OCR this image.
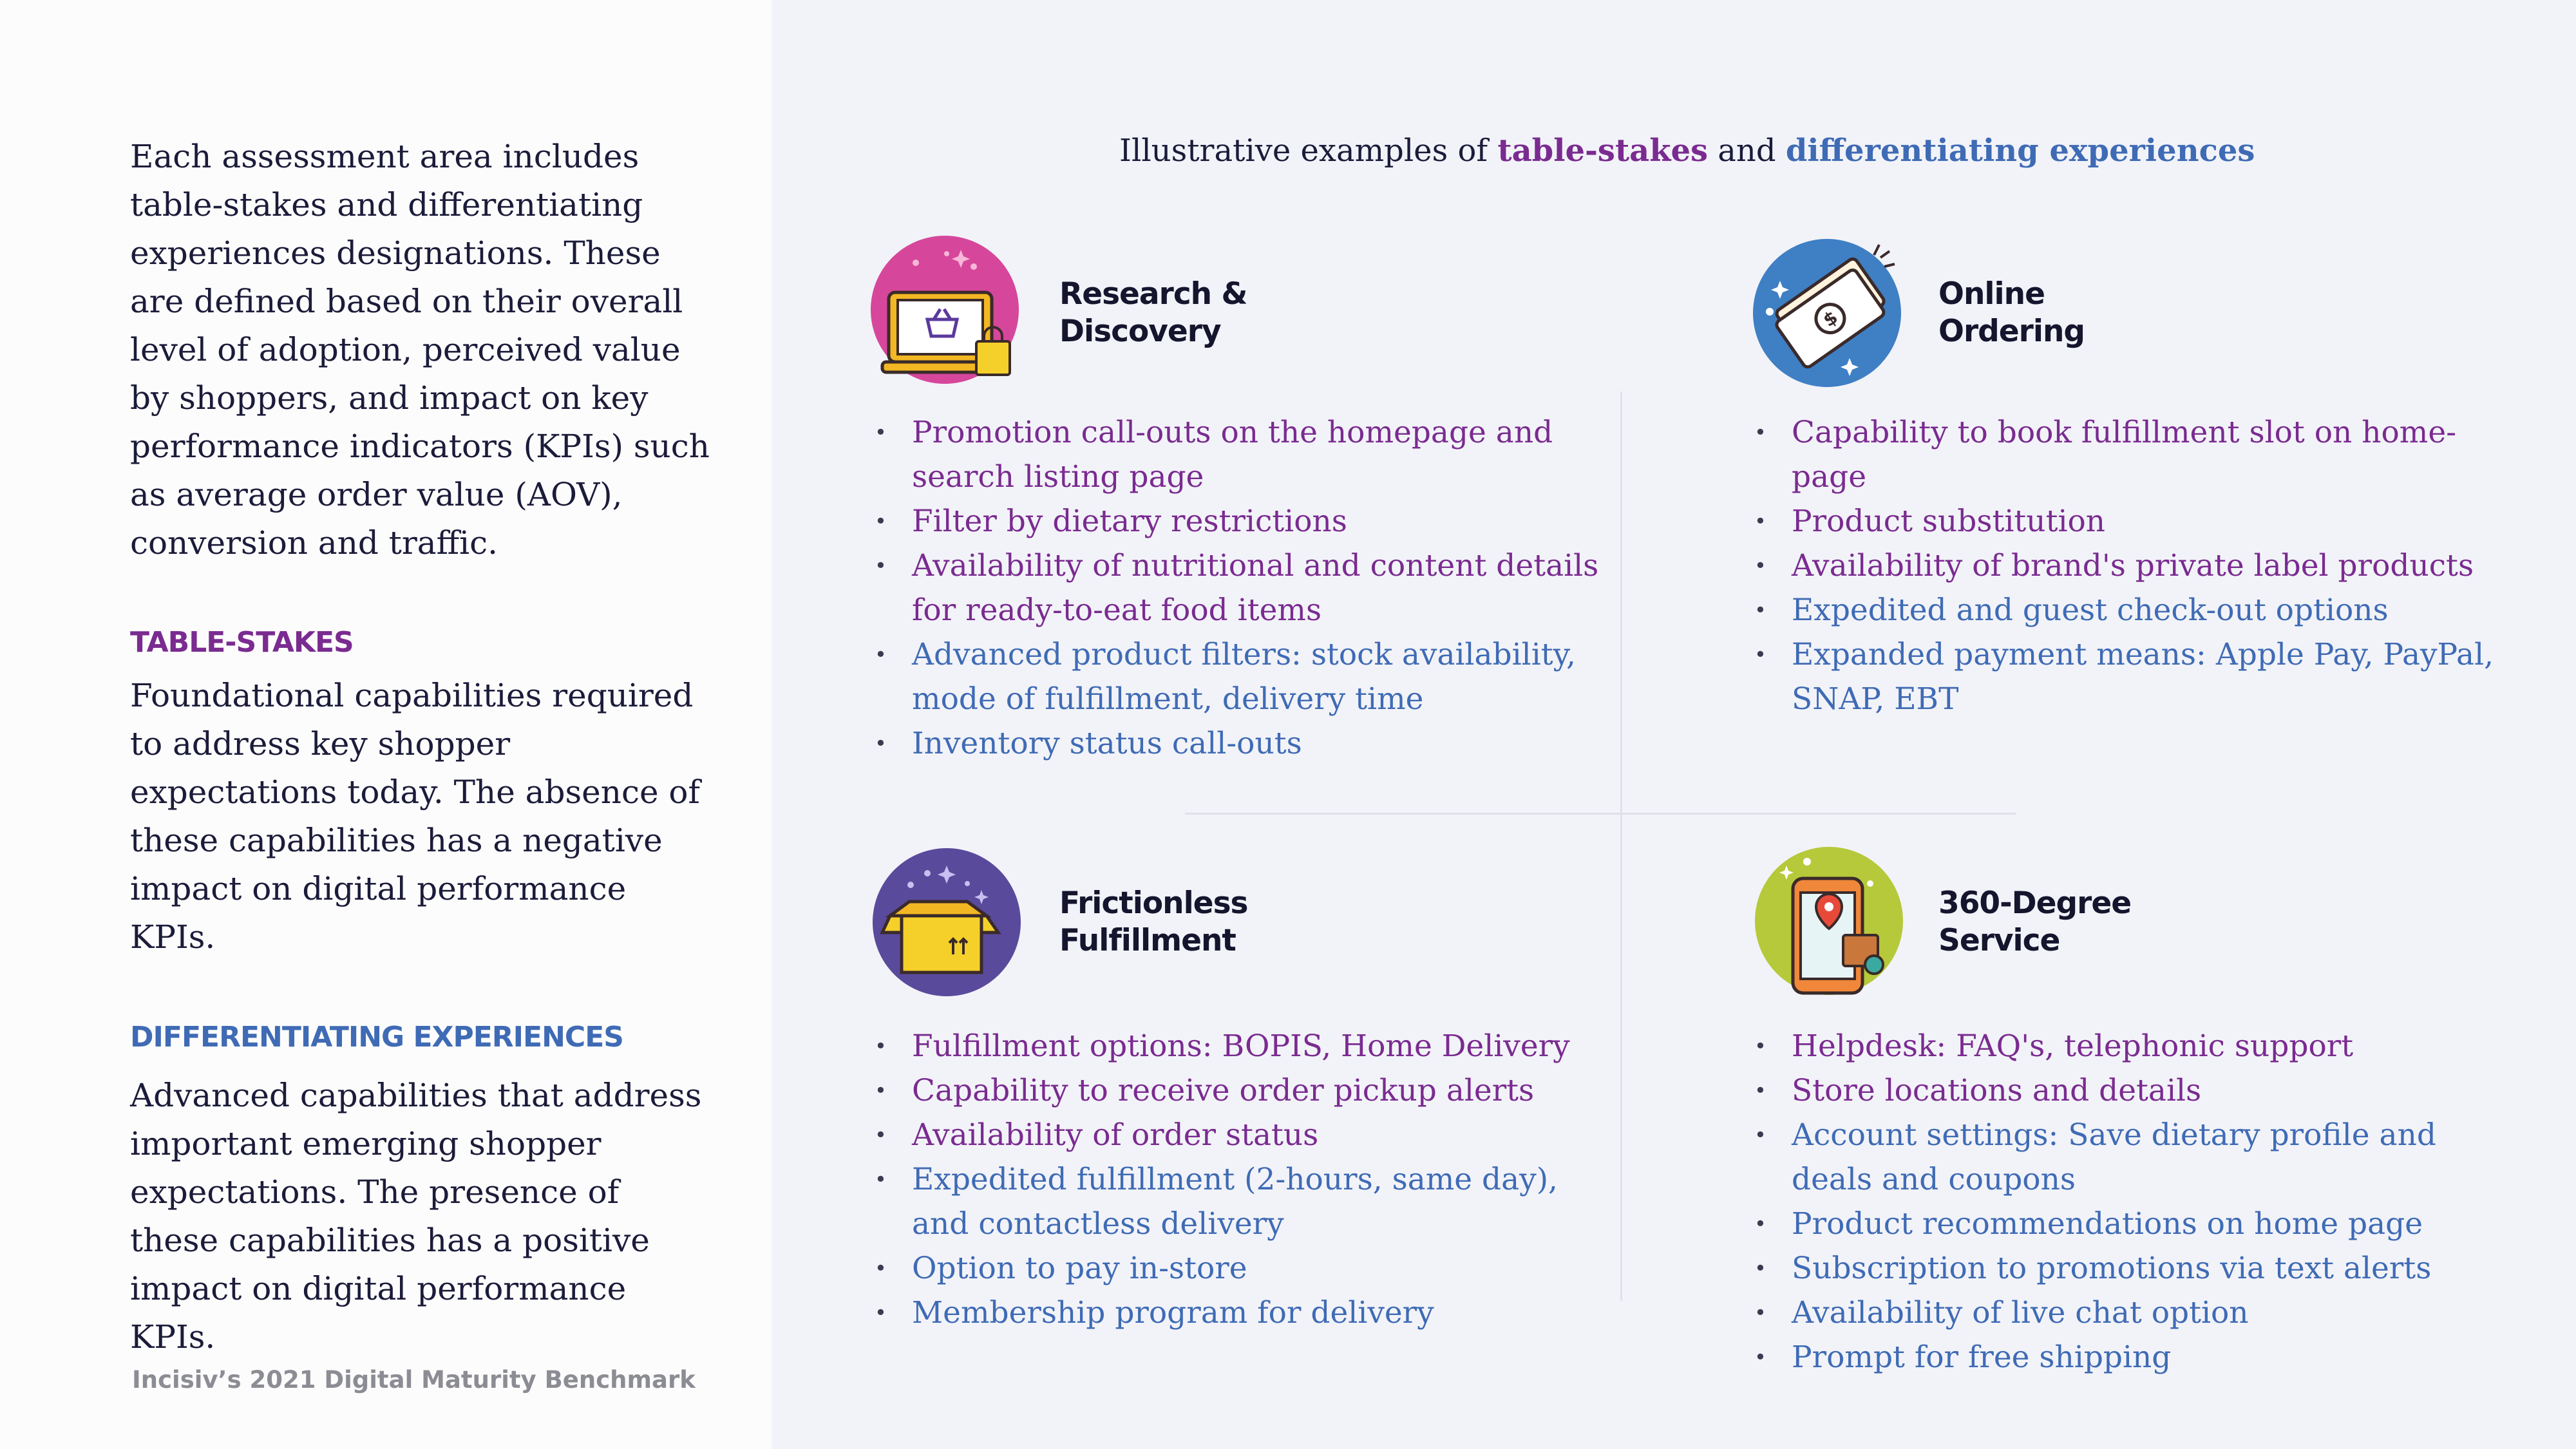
Each assessment area includes table-stakes and differentiating experiences designations. These are defined based on their overall level of adoption, perceived value by shoppers, and impact on key performance indicators (KPIs) such as average order value (AOV), conversion and traffic.

TABLE-STAKES

Foundational capabilities required to address key shopper expectations today. The absence of these capabilities has a negative impact on digital performance KPIs.

DIFFERENTIATING EXPERIENCES

Advanced capabilities that address important emerging shopper expectations. The presence of these capabilities has a positive impact on digital performance KPIs.

Incisiv’s 2021 Digital Maturity Benchmark
Illustrative examples of table-stakes and differentiating experiences
Research &
Discovery
• Promotion call-outs on the homepage and
search listing page
• Filter by dietary restrictions
• Availability of nutritional and content details
for ready-to-eat food items
• Advanced product filters: stock availability,
mode of fulfillment, delivery time
• Inventory status call-outs
$
Online
Ordering
• Capability to book fulfillment slot on home-
page
• Product substitution
• Availability of brand's private label products
• Expedited and guest check-out options
• Expanded payment means: Apple Pay, PayPal,
SNAP, EBT
Frictionless
Fulfillment
• Fulfillment options: BOPIS, Home Delivery
• Capability to receive order pickup alerts
• Availability of order status
• Expedited fulfillment (2-hours, same day),
and contactless delivery
• Option to pay in-store
• Membership program for delivery
360-Degree
Service
• Helpdesk: FAQ's, telephonic support
• Store locations and details
• Account settings: Save dietary profile and
deals and coupons
• Product recommendations on home page
• Subscription to promotions via text alerts
• Availability of live chat option
• Prompt for free shipping
